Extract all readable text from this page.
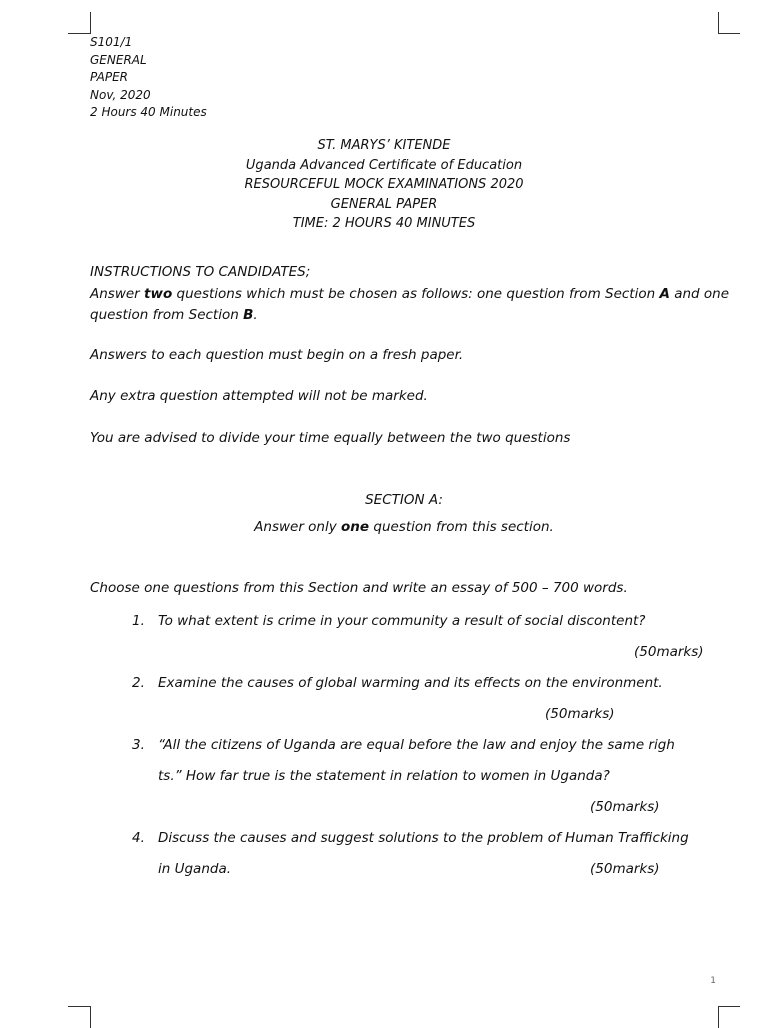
S101/1
GENERAL
PAPER
Nov, 2020
2 Hours 40 Minutes
ST. MARYS’ KITENDE
Uganda Advanced Certificate of Education
RESOURCEFUL MOCK EXAMINATIONS 2020
GENERAL PAPER
TIME: 2 HOURS 40 MINUTES
INSTRUCTIONS TO CANDIDATES;
Answer two questions which must be chosen as follows: one question from Section A and one question from Section B.
Answers to each question must begin on a fresh paper.
Any extra question attempted will not be marked.
You are advised to divide your time equally between the two questions
SECTION A:
Answer only one question from this section.
Choose one questions from this Section and write an essay of 500 – 700 words.
1. To what extent is crime in your community a result of social discontent?
(50marks)
2. Examine the causes of global warming and its effects on the environment.
(50marks)
3. “All the citizens of Uganda are equal before the law and enjoy the same righ
ts.” How far true is the statement in relation to women in Uganda?
(50marks)
4. Discuss the causes and suggest solutions to the problem of Human Trafficking
in Uganda.	(50marks)
1
